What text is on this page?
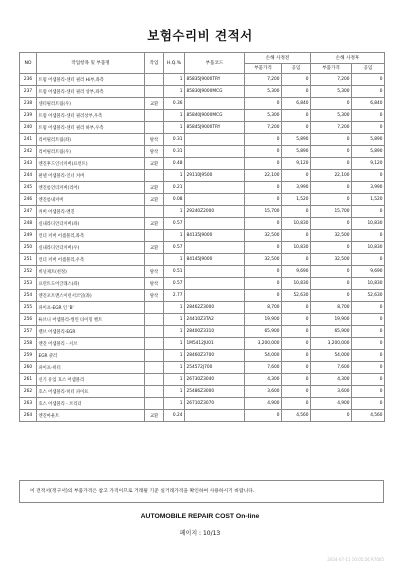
보험수리비 견적서
NO	작업항목 및 부품명	작업	H.Q.%	부품코드	손해 사정전		손해 사정후	
					부품가격	공임	부품가격	공임
236	트윔 어셈블리-센터 필러 Hi부,좌측		1	85835J9000TRY	7,200	0	7,200	0
237	트윔 어셈블리-센터 필러 상부,좌측		1	85830J9000MCG	5,300	0	5,300	0
238	센터필러트림(우)	교환	0.36		0	6,840	0	6,840
239	트윔 어셈블리-센터 필러상부,우측		1	85840J9000MCG	5,300	0	5,300	0
240	트윔 어셈블리-센터 필러 하부,우측		1	85845J9000TRY	7,200	0	7,200	0
241	리어필러트림(좌)	탈착	0.31		0	5,890	0	5,890
242	리어필러트림(우)	탈착	0.31		0	5,890	0	5,890
243	엔진후드인너커버(프런트)	교환	0.48		0	9,120	0	9,120
244	판넬 어셈블리-인너 커버		1	29110J9500	22,100	0	22,100	0
245	엔진룸언더커버(리어)	교환	0.21		0	3,990	0	3,990
246	엔진룸내커버	교환	0.08		0	1,520	0	1,520
247	커버 어셈블리-엔진		1	29240Z2000	15,700	0	15,700	0
248	실내라디언더커버(좌)	교환	0.57		0	10,830	0	10,830
249	언더 커버 어셈블리,좌측		1	84135J9000	32,500	0	32,500	0
250	실내라디언더커버(우)	교환	0.57		0	10,830	0	10,830
251	언더 커버 어셈블리,우측		1	84145J9000	32,500	0	32,500	0
252	비닐제트(천정)	탈착	0.51		0	9,690	0	9,690
253	프런트도어글래스(좌)	탈착	0.57		0	10,830	0	10,830
254	엔진포트앤스이런서코일(좌)	탈착	2.77		0	52,630	0	52,630
255	파이프-EGR 인 'B'		1	28462Z3000	8,700	0	8,700	0
256	튜브니 어셈블리-썰린 타이밍 벨트		1	24410Z3TA2	19,900	0	19,900	0
257	밸브 어셈블리-EGR		1	28400Z3310	65,900	0	65,900	0
258	엔진 어셈블리 - 서브		1	1M5412JU01	3,200,000	0	3,200,000	0
259	EGR 쿨러		1	28460Z3700	54,000	0	54,000	0
260	파이프-히터		1	254572J700	7,600	0	7,600	0
261	신기 유입 호스 어셈블리		1	26730Z3040	4,300	0	4,300	0
262	호스 어셈블리-히터 파이프		1	25486Z3000	3,600	0	3,600	0
263	호스 어셈블리 - 브리더		1	26710Z3070	4,900	0	4,900	0
264	엔진마운트	교환	0.24		0	4,560	0	4,560
이 견적서(정구서)의 부품가격은 참고 가격이므로 거래될 기준 실거래가격을 확인하여 사용하시기 바랍니다.
AUTOMOBILE REPAIR COST On-line
페이지 : 10/13
2024-07-11 10:05:56 R7005
